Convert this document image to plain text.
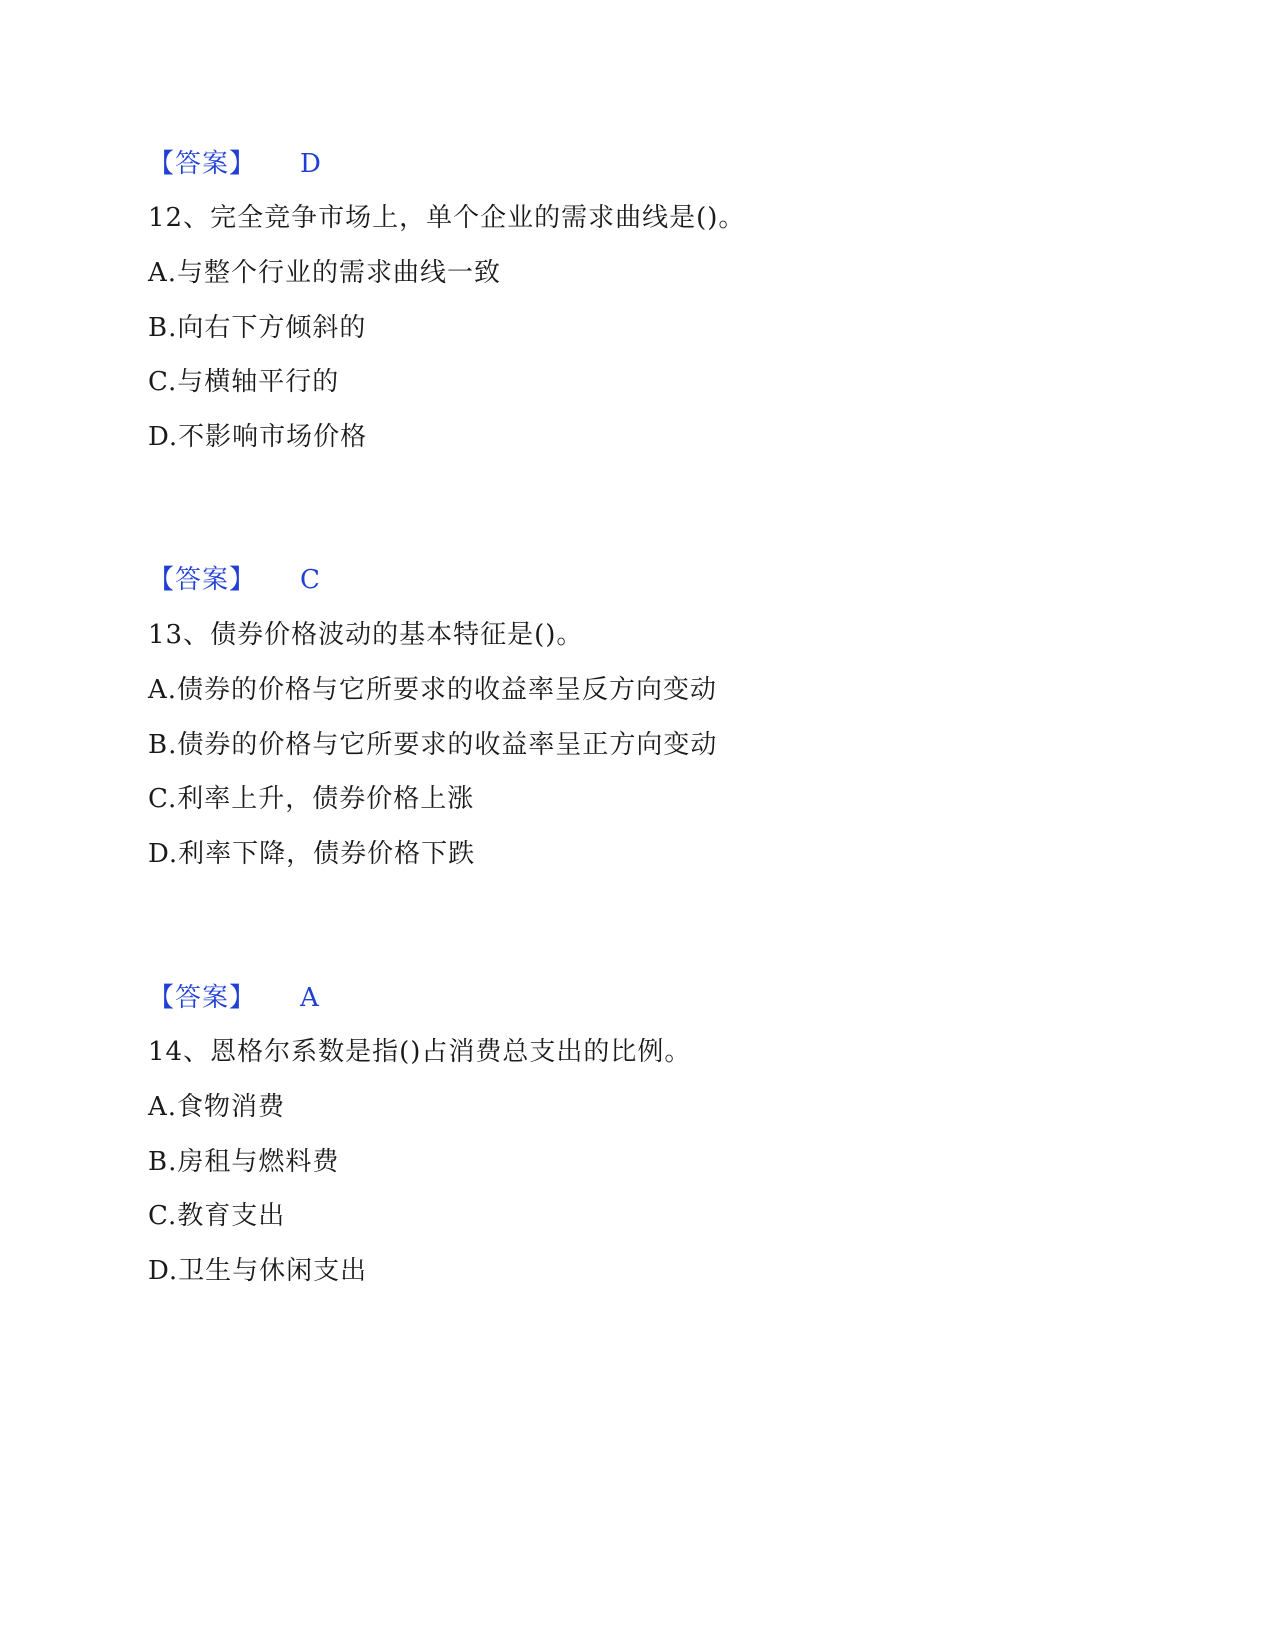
【答案】 D
12、完全竞争市场上，单个企业的需求曲线是()。
A.与整个行业的需求曲线一致
B.向右下方倾斜的
C.与横轴平行的
D.不影响市场价格
【答案】 C
13、债券价格波动的基本特征是()。
A.债券的价格与它所要求的收益率呈反方向变动
B.债券的价格与它所要求的收益率呈正方向变动
C.利率上升，债券价格上涨
D.利率下降，债券价格下跌
【答案】 A
14、恩格尔系数是指()占消费总支出的比例。
A.食物消费
B.房租与燃料费
C.教育支出
D.卫生与休闲支出
